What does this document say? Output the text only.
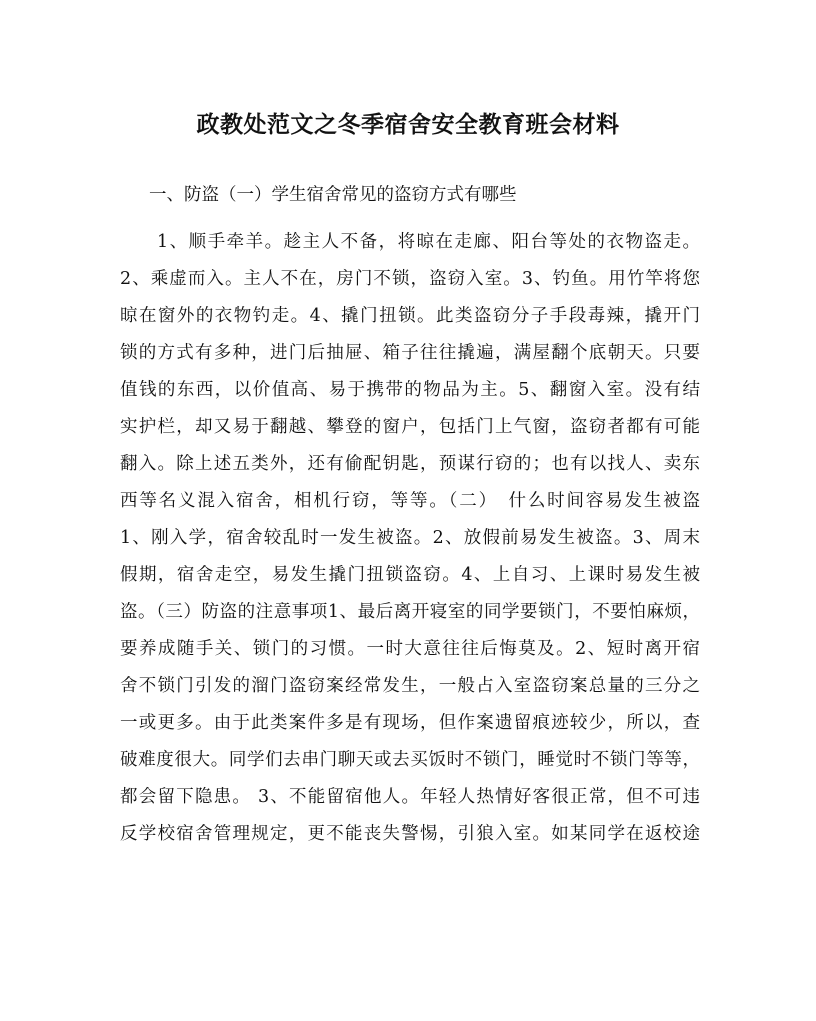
政教处范文之冬季宿舍安全教育班会材料
一、防盗（一）学生宿舍常见的盗窃方式有哪些
1、顺手牵羊。趁主人不备，将晾在走廊、阳台等处的衣物盗走。
2、乘虚而入。主人不在，房门不锁，盗窃入室。3、钓鱼。用竹竿将您
晾在窗外的衣物钓走。4、撬门扭锁。此类盗窃分子手段毒辣，撬开门
锁的方式有多种，进门后抽屉、箱子往往撬遍，满屋翻个底朝天。只要
值钱的东西，以价值高、易于携带的物品为主。5、翻窗入室。没有结
实护栏，却又易于翻越、攀登的窗户，包括门上气窗，盗窃者都有可能
翻入。除上述五类外，还有偷配钥匙，预谋行窃的；也有以找人、卖东
西等名义混入宿舍，相机行窃，等等。（二）　什么时间容易发生被盗
1、刚入学，宿舍较乱时一发生被盗。2、放假前易发生被盗。3、周末
假期，宿舍走空，易发生撬门扭锁盗窃。4、上自习、上课时易发生被
盗。（三）防盗的注意事项1、最后离开寝室的同学要锁门，不要怕麻烦，
要养成随手关、锁门的习惯。一时大意往往后悔莫及。2、短时离开宿
舍不锁门引发的溜门盗窃案经常发生，一般占入室盗窃案总量的三分之
一或更多。由于此类案件多是有现场，但作案遗留痕迹较少，所以，查
破难度很大。同学们去串门聊天或去买饭时不锁门，睡觉时不锁门等等，
都会留下隐患。 3、不能留宿他人。年轻人热情好客很正常，但不可违
反学校宿舍管理规定，更不能丧失警惕，引狼入室。如某同学在返校途
